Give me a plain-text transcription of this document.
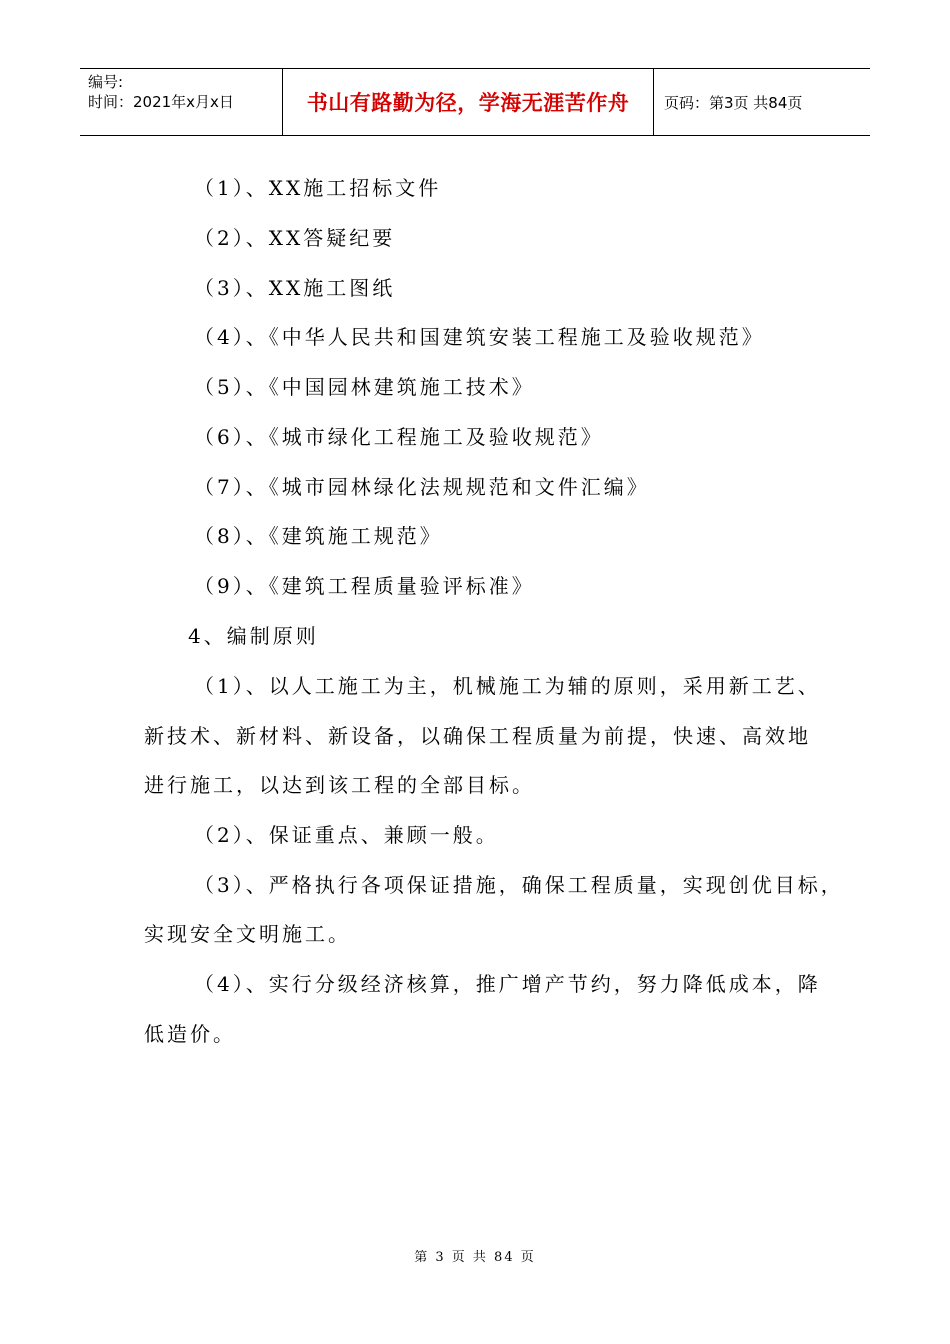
编号:
时间：2021年x月x日	书山有路勤为径，学海无涯苦作舟	页码：第3页 共84页
（1）、XX施工招标文件
（2）、XX答疑纪要
（3）、XX施工图纸
（4）、《中华人民共和国建筑安装工程施工及验收规范》
（5）、《中国园林建筑施工技术》
（6）、《城市绿化工程施工及验收规范》
（7）、《城市园林绿化法规规范和文件汇编》
（8）、《建筑施工规范》
（9）、《建筑工程质量验评标准》
4、编制原则
（1）、以人工施工为主，机械施工为辅的原则，采用新工艺、
新技术、新材料、新设备，以确保工程质量为前提，快速、高效地
进行施工，以达到该工程的全部目标。
（2）、保证重点、兼顾一般。
（3）、严格执行各项保证措施，确保工程质量，实现创优目标，
实现安全文明施工。
（4）、实行分级经济核算，推广增产节约，努力降低成本，降
低造价。
第 3 页 共 84 页
